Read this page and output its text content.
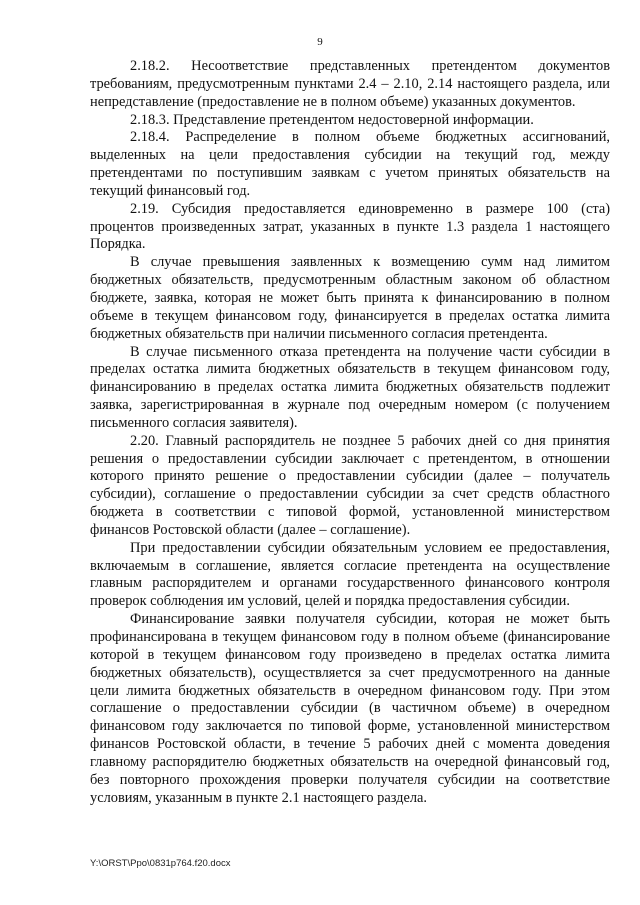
9

2.18.2. Несоответствие представленных претендентом документов требованиям, предусмотренным пунктами 2.4 – 2.10, 2.14 настоящего раздела, или непредставление (предоставление не в полном объеме) указанных документов.

2.18.3. Представление претендентом недостоверной информации.

2.18.4. Распределение в полном объеме бюджетных ассигнований, выделенных на цели предоставления субсидии на текущий год, между претендентами по поступившим заявкам с учетом принятых обязательств на текущий финансовый год.

2.19. Субсидия предоставляется единовременно в размере 100 (ста) процентов произведенных затрат, указанных в пункте 1.3 раздела 1 настоящего Порядка.

В случае превышения заявленных к возмещению сумм над лимитом бюджетных обязательств, предусмотренным областным законом об областном бюджете, заявка, которая не может быть принята к финансированию в полном объеме в текущем финансовом году, финансируется в пределах остатка лимита бюджетных обязательств при наличии письменного согласия претендента.

В случае письменного отказа претендента на получение части субсидии в пределах остатка лимита бюджетных обязательств в текущем финансовом году, финансированию в пределах остатка лимита бюджетных обязательств подлежит заявка, зарегистрированная в журнале под очередным номером (с получением письменного согласия заявителя).

2.20. Главный распорядитель не позднее 5 рабочих дней со дня принятия решения о предоставлении субсидии заключает с претендентом, в отношении которого принято решение о предоставлении субсидии (далее – получатель субсидии), соглашение о предоставлении субсидии за счет средств областного бюджета в соответствии с типовой формой, установленной министерством финансов Ростовской области (далее – соглашение).

При предоставлении субсидии обязательным условием ее предоставления, включаемым в соглашение, является согласие претендента на осуществление главным распорядителем и органами государственного финансового контроля проверок соблюдения им условий, целей и порядка предоставления субсидии.

Финансирование заявки получателя субсидии, которая не может быть профинансирована в текущем финансовом году в полном объеме (финансирование которой в текущем финансовом году произведено в пределах остатка лимита бюджетных обязательств), осуществляется за счет предусмотренного на данные цели лимита бюджетных обязательств в очередном финансовом году. При этом соглашение о предоставлении субсидии (в частичном объеме) в очередном финансовом году заключается по типовой форме, установленной министерством финансов Ростовской области, в течение 5 рабочих дней с момента доведения главному распорядителю бюджетных обязательств на очередной финансовый год, без повторного прохождения проверки получателя субсидии на соответствие условиям, указанным в пункте 2.1 настоящего раздела.

Y:\ORST\Ppo\0831p764.f20.docx
